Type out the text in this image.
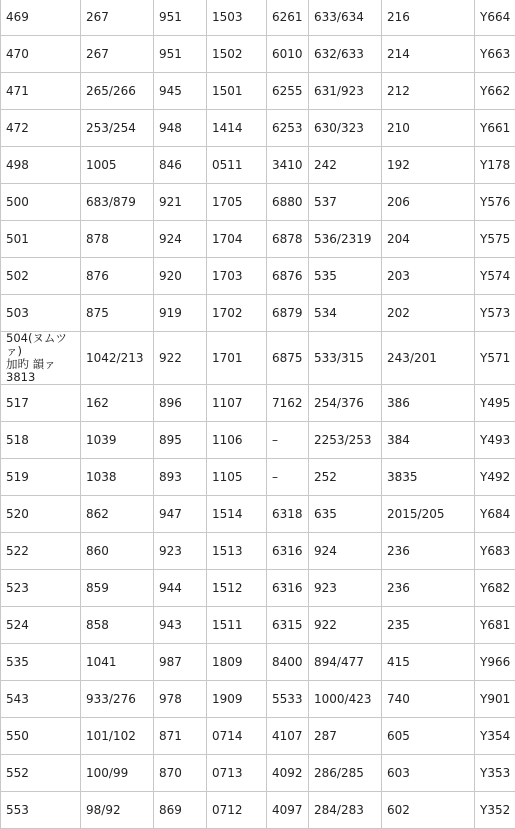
469	267	951	1503	6261	633/634	216	Y664
470	267	951	1502	6010	632/633	214	Y663
471	265/266	945	1501	6255	631/923	212	Y662
472	253/254	948	1414	6253	630/323	210	Y661
498	1005	846	0511	3410	242	192	Y178
500	683/879	921	1705	6880	537	206	Y576
501	878	924	1704	6878	536/2319	204	Y575
502	876	920	1703	6876	535	203	Y574
503	875	919	1702	6879	534	202	Y573

504(ヌムツァ)
加旳 韻ァ3813	1042/213	922	1701	6875	533/315	243/201	Y571
517	162	896	1107	7162	254/376	386	Y495
518	1039	895	1106	–	2253/253	384	Y493
519	1038	893	1105	–	252	3835	Y492
520	862	947	1514	6318	635	2015/205	Y684
522	860	923	1513	6316	924	236	Y683
523	859	944	1512	6316	923	236	Y682
524	858	943	1511	6315	922	235	Y681
535	1041	987	1809	8400	894/477	415	Y966
543	933/276	978	1909	5533	1000/423	740	Y901
550	101/102	871	0714	4107	287	605	Y354
552	100/99	870	0713	4092	286/285	603	Y353
553	98/92	869	0712	4097	284/283	602	Y352
